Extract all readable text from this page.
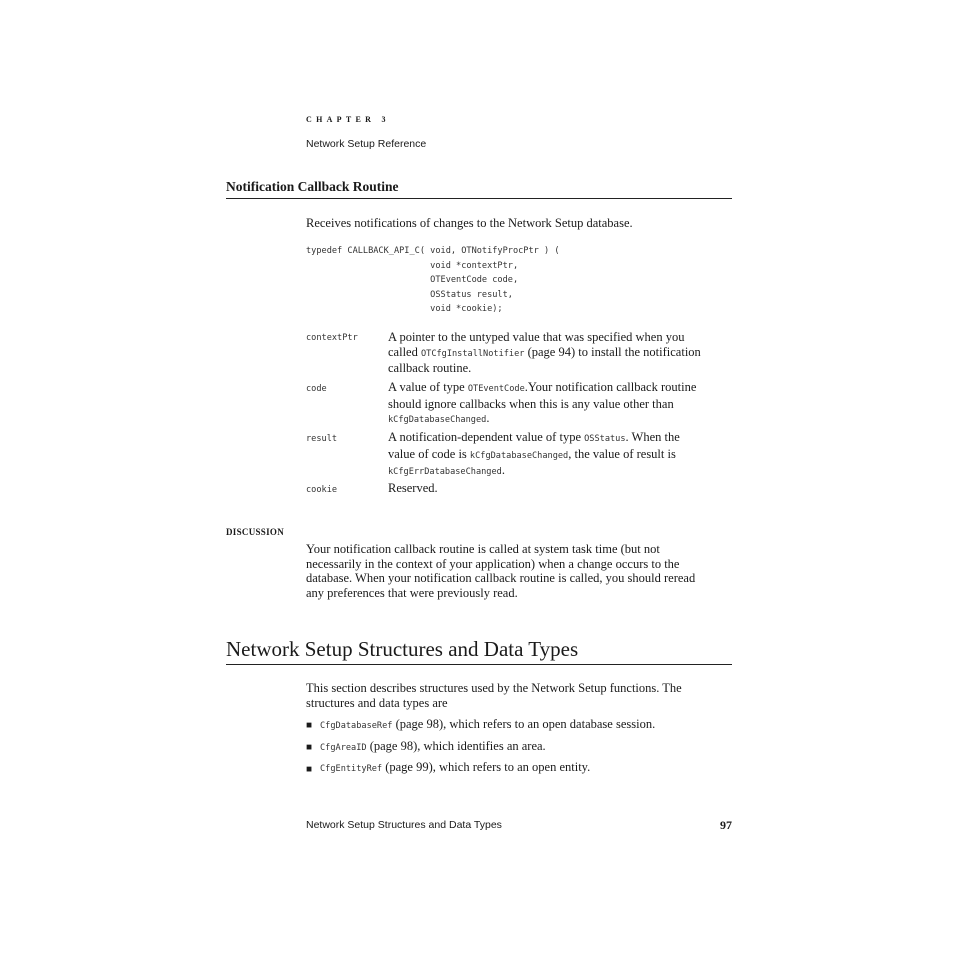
CHAPTER 3
Network Setup Reference
Notification Callback Routine
Receives notifications of changes to the Network Setup database.
typedef CALLBACK_API_C( void, OTNotifyProcPtr ) (
void *contextPtr,
OTEventCode code,
OSStatus result,
void *cookie);
contextPtr A pointer to the untyped value that was specified when you
called OTCfgInstallNotifier (page 94) to install the notification
callback routine.
code	A value of type OTEventCode.Your notification callback routine
should ignore callbacks when this is any value other than
kCfgDatabaseChanged.
result	A notification-dependent value of type OSStatus. When the
value of code is kCfgDatabaseChanged, the value of result is
kCfgErrDatabaseChanged.
cookie	Reserved.
DISCUSSION
Your notification callback routine is called at system task time (but not
necessarily in the context of your application) when a change occurs to the
database. When your notification callback routine is called, you should reread
any preferences that were previously read.
Network Setup Structures and Data Types
This section describes structures used by the Network Setup functions. The
structures and data types are
■ CfgDatabaseRef (page 98), which refers to an open database session.
■ CfgAreaID (page 98), which identifies an area.
■ CfgEntityRef (page 99), which refers to an open entity.
Network Setup Structures and Data Types	97
